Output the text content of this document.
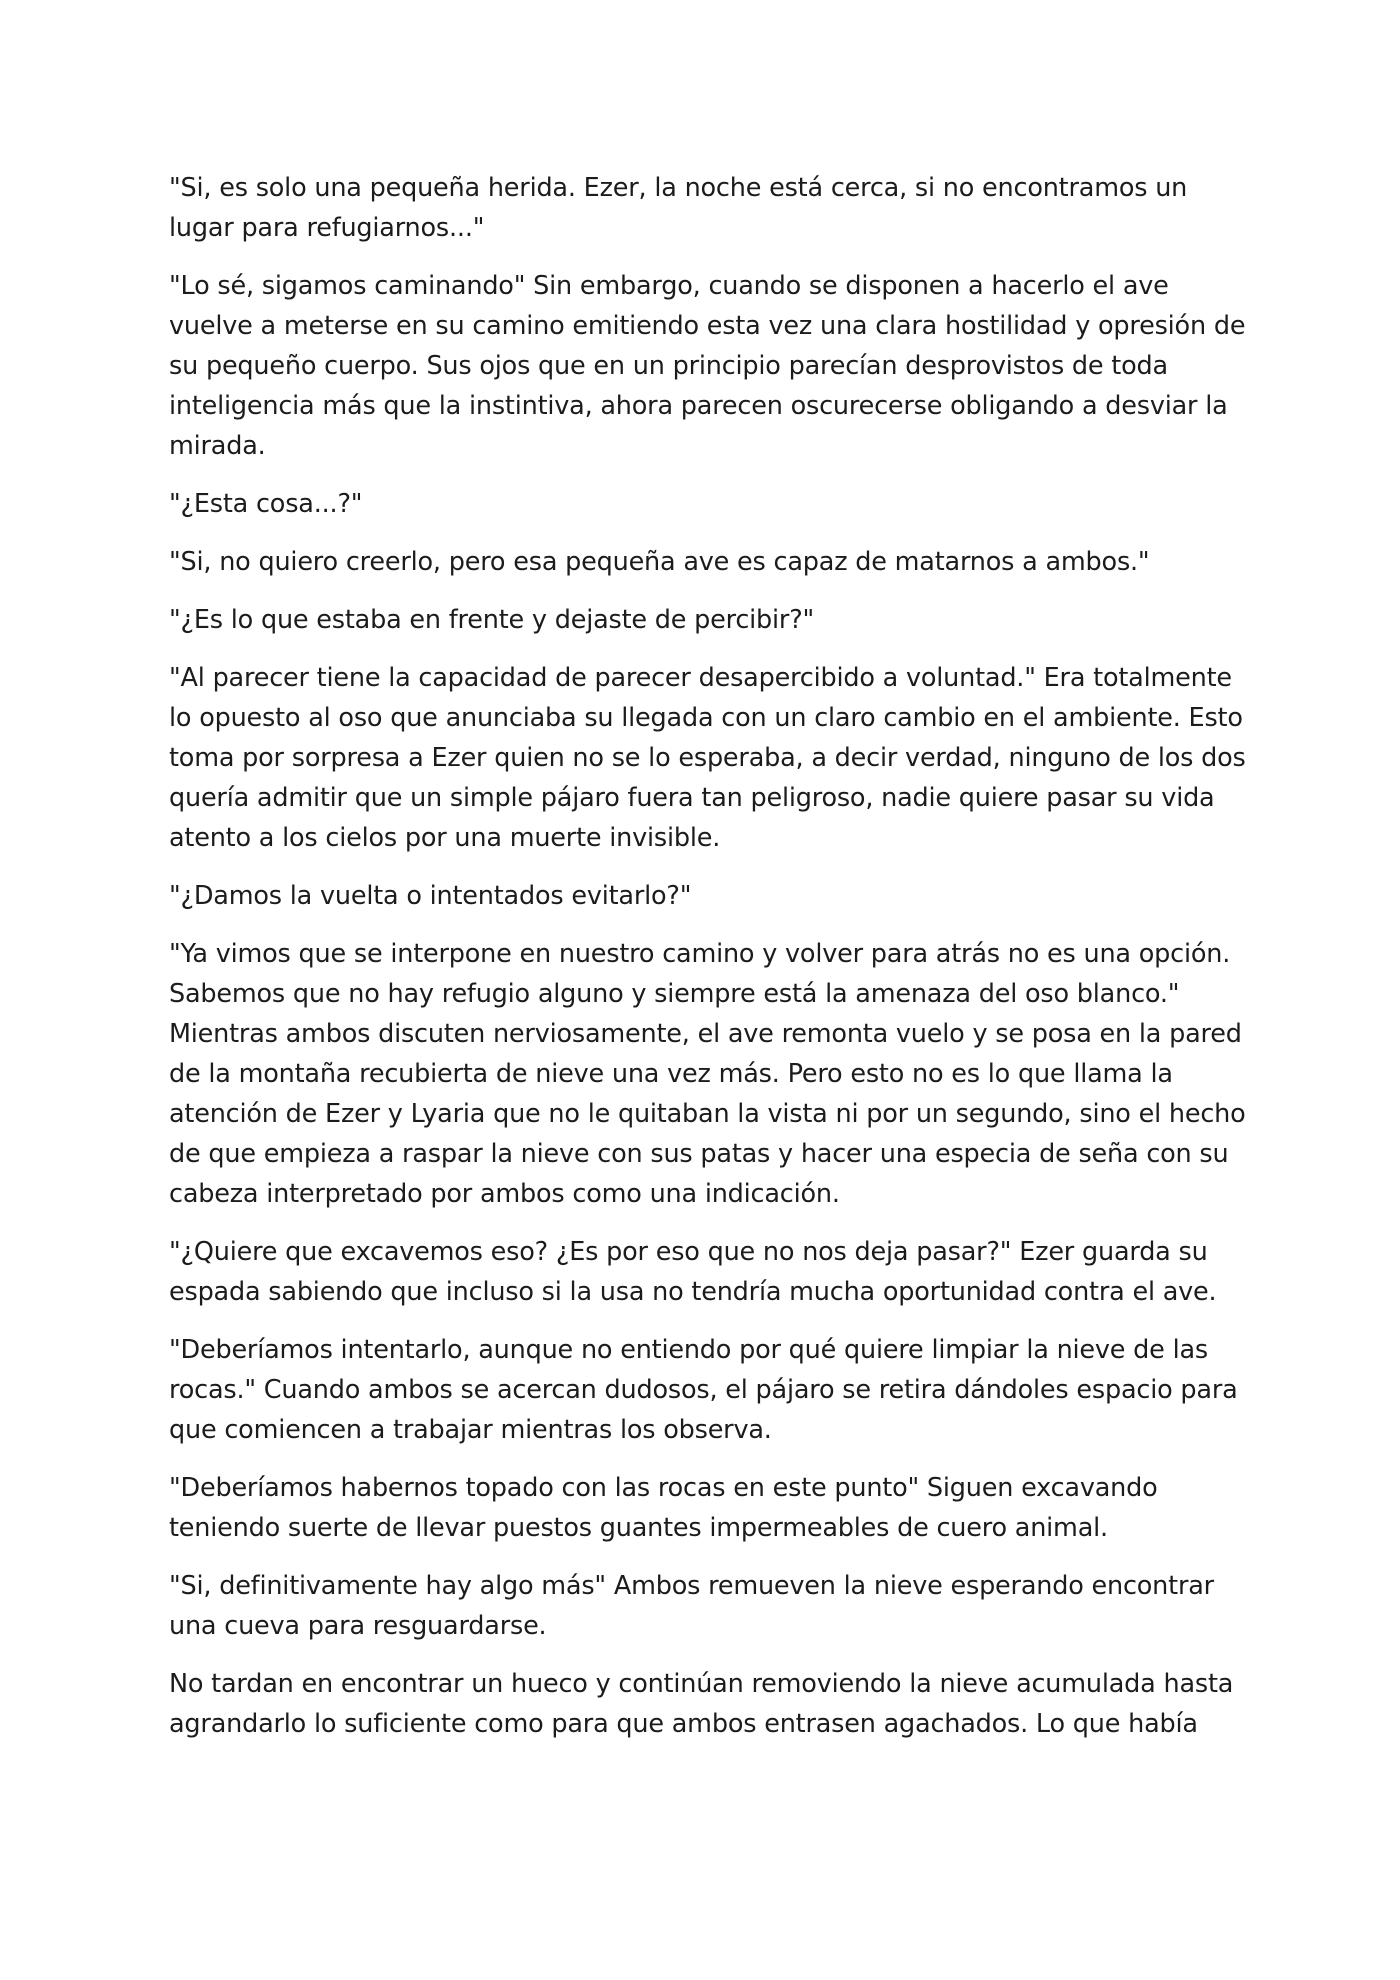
"Si, es solo una pequeña herida. Ezer, la noche está cerca, si no encontramos un lugar para refugiarnos..."

"Lo sé, sigamos caminando" Sin embargo, cuando se disponen a hacerlo el ave vuelve a meterse en su camino emitiendo esta vez una clara hostilidad y opresión de su pequeño cuerpo. Sus ojos que en un principio parecían desprovistos de toda inteligencia más que la instintiva, ahora parecen oscurecerse obligando a desviar la mirada.

"¿Esta cosa...?"

"Si, no quiero creerlo, pero esa pequeña ave es capaz de matarnos a ambos."

"¿Es lo que estaba en frente y dejaste de percibir?"

"Al parecer tiene la capacidad de parecer desapercibido a voluntad." Era totalmente lo opuesto al oso que anunciaba su llegada con un claro cambio en el ambiente. Esto toma por sorpresa a Ezer quien no se lo esperaba, a decir verdad, ninguno de los dos quería admitir que un simple pájaro fuera tan peligroso, nadie quiere pasar su vida atento a los cielos por una muerte invisible.

"¿Damos la vuelta o intentados evitarlo?"

"Ya vimos que se interpone en nuestro camino y volver para atrás no es una opción. Sabemos que no hay refugio alguno y siempre está la amenaza del oso blanco." Mientras ambos discuten nerviosamente, el ave remonta vuelo y se posa en la pared de la montaña recubierta de nieve una vez más. Pero esto no es lo que llama la atención de Ezer y Lyaria que no le quitaban la vista ni por un segundo, sino el hecho de que empieza a raspar la nieve con sus patas y hacer una especia de seña con su cabeza interpretado por ambos como una indicación.

"¿Quiere que excavemos eso? ¿Es por eso que no nos deja pasar?" Ezer guarda su espada sabiendo que incluso si la usa no tendría mucha oportunidad contra el ave.

"Deberíamos intentarlo, aunque no entiendo por qué quiere limpiar la nieve de las rocas." Cuando ambos se acercan dudosos, el pájaro se retira dándoles espacio para que comiencen a trabajar mientras los observa.

"Deberíamos habernos topado con las rocas en este punto" Siguen excavando teniendo suerte de llevar puestos guantes impermeables de cuero animal.

"Si, definitivamente hay algo más" Ambos remueven la nieve esperando encontrar una cueva para resguardarse.

No tardan en encontrar un hueco y continúan removiendo la nieve acumulada hasta agrandarlo lo suficiente como para que ambos entrasen agachados. Lo que había
